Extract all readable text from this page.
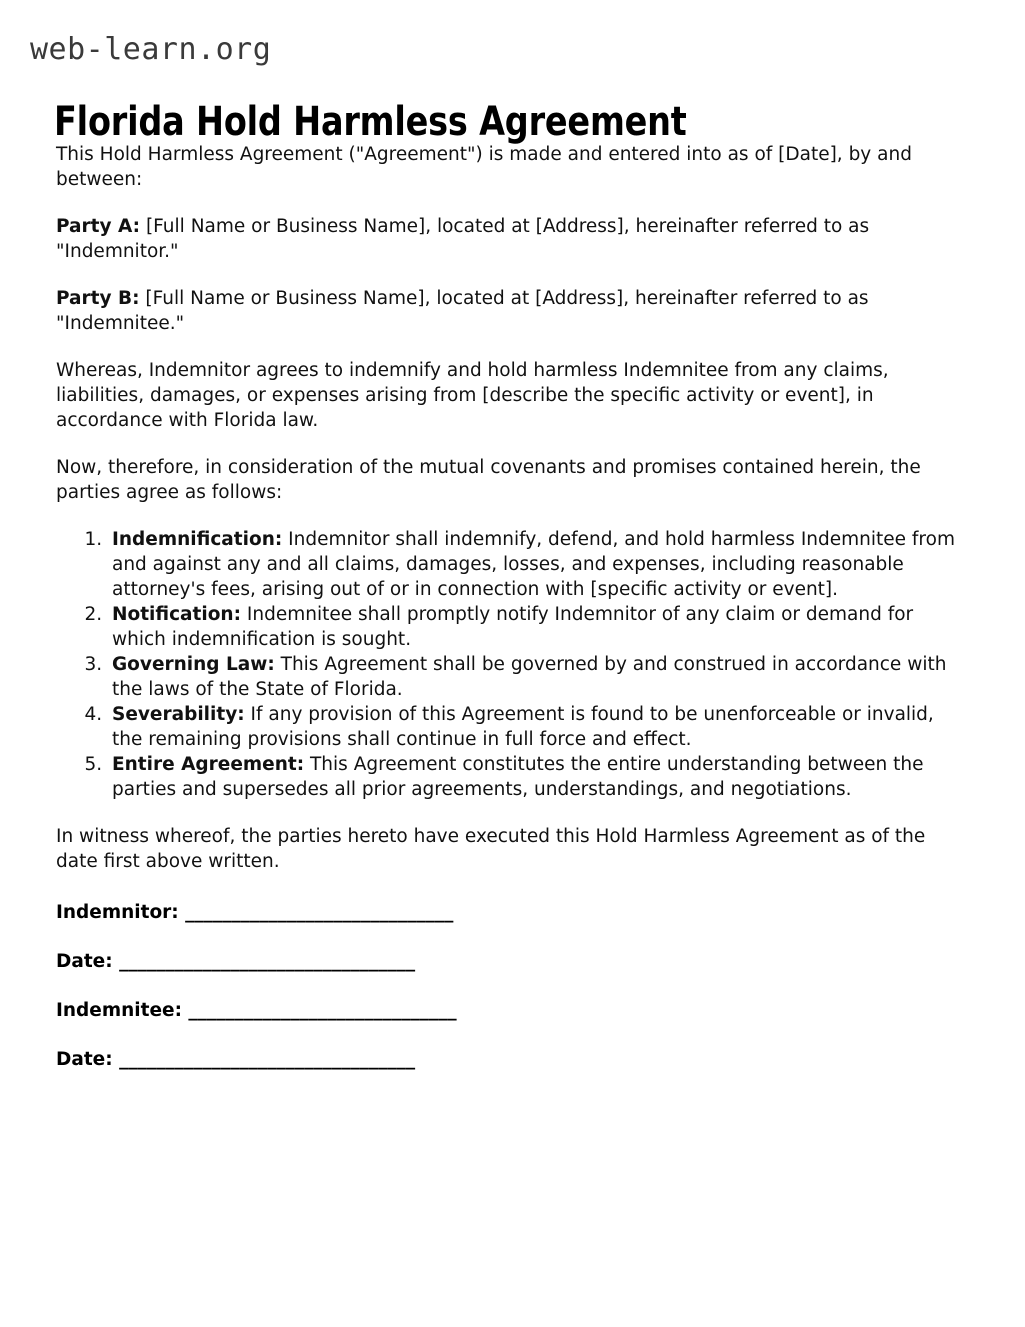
web-learn.org
Florida Hold Harmless Agreement

This Hold Harmless Agreement ("Agreement") is made and entered into as of [Date], by and between:

Party A: [Full Name or Business Name], located at [Address], hereinafter referred to as "Indemnitor."

Party B: [Full Name or Business Name], located at [Address], hereinafter referred to as "Indemnitee."

Whereas, Indemnitor agrees to indemnify and hold harmless Indemnitee from any claims, liabilities, damages, or expenses arising from [describe the specific activity or event], in accordance with Florida law.

Now, therefore, in consideration of the mutual covenants and promises contained herein, the parties agree as follows:

1. Indemnification: Indemnitor shall indemnify, defend, and hold harmless Indemnitee from and against any and all claims, damages, losses, and expenses, including reasonable attorney's fees, arising out of or in connection with [specific activity or event].
2. Notification: Indemnitee shall promptly notify Indemnitor of any claim or demand for which indemnification is sought.
3. Governing Law: This Agreement shall be governed by and construed in accordance with the laws of the State of Florida.
4. Severability: If any provision of this Agreement is found to be unenforceable or invalid, the remaining provisions shall continue in full force and effect.
5. Entire Agreement: This Agreement constitutes the entire understanding between the parties and supersedes all prior agreements, understandings, and negotiations.

In witness whereof, the parties hereto have executed this Hold Harmless Agreement as of the date first above written.

Indemnitor: _____________________________
Date: ________________________________
Indemnitee: _____________________________
Date: ________________________________
